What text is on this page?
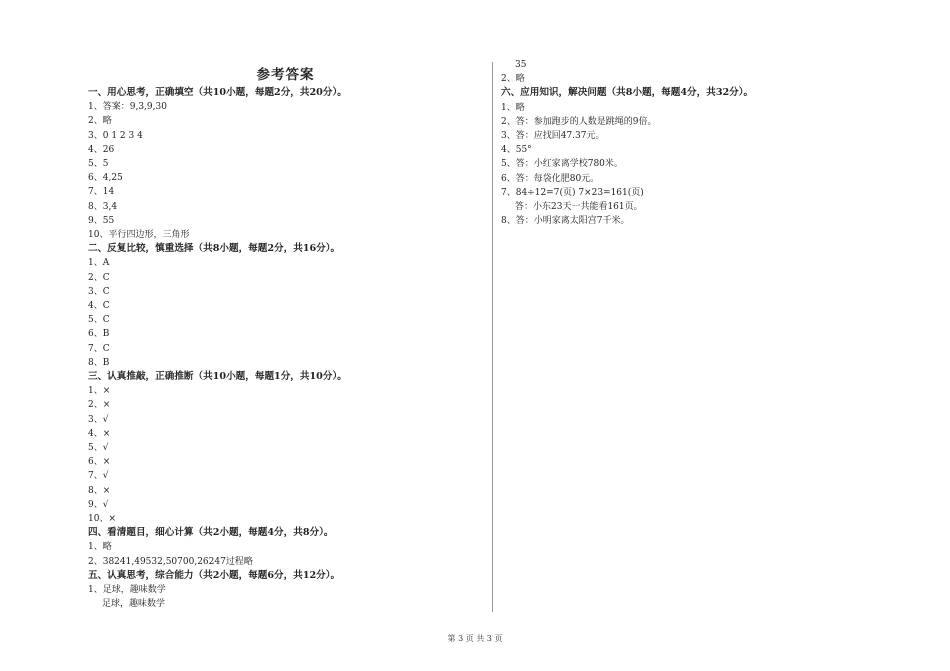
参考答案
一、用心思考，正确填空（共10小题，每题2分，共20分）。
1、答案：9,3,9,30
2、略
3、0 1 2 3 4
4、26
5、5
6、4,25
7、14
8、3,4
9、55
10、平行四边形，三角形
二、反复比较，慎重选择（共8小题，每题2分，共16分）。
1、A
2、C
3、C
4、C
5、C
6、B
7、C
8、B
三、认真推敲，正确推断（共10小题，每题1分，共10分）。
1、×
2、×
3、√
4、×
5、√
6、×
7、√
8、×
9、√
10、×
四、看清题目，细心计算（共2小题，每题4分，共8分）。
1、略
2、38241,49532,50700,26247过程略
五、认真思考，综合能力（共2小题，每题6分，共12分）。
1、足球，趣味数学
足球，趣味数学
35
2、略
六、应用知识，解决问题（共8小题，每题4分，共32分）。
1、略
2、答：参加跑步的人数是跳绳的9倍。
3、答：应找回47.37元。
4、55°
5、答：小红家离学校780米。
6、答：每袋化肥80元。
7、84÷12=7(页) 7×23=161(页)
答：小东23天一共能看161页。
8、答：小明家离太阳宫7千米。
第 3 页 共 3 页
